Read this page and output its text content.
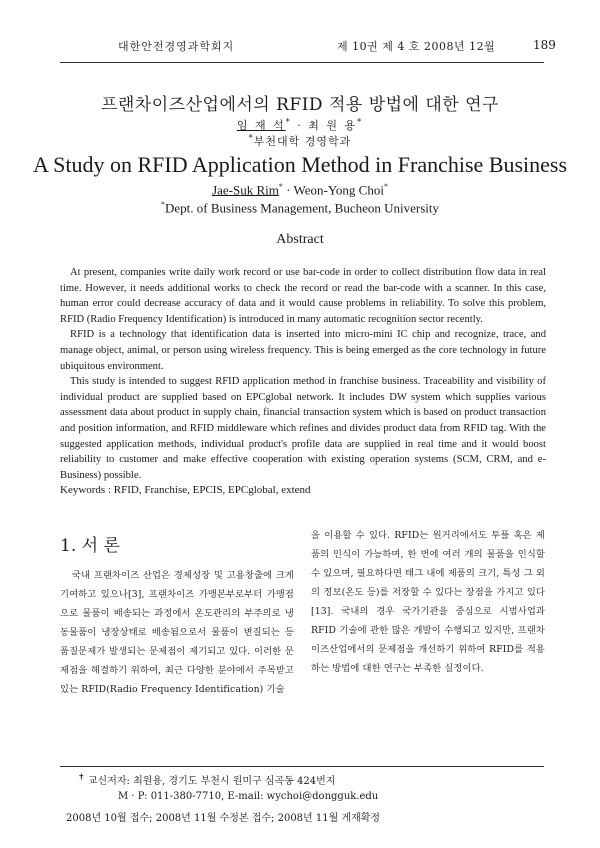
대한안전경영과학회지	제 10권 제 4 호 2008년 12월	189
프랜차이즈산업에서의 RFID 적용 방법에 대한 연구
임 재 석* · 최 원 용*
*부천대학 경영학과
A Study on RFID Application Method in Franchise Business
Jae-Suk Rim* · Weon-Yong Choi*
*Dept. of Business Management, Bucheon University
Abstract

At present, companies write daily work record or use bar-code in order to collect distribution flow data in real time. However, it needs additional works to check the record or read the bar-code with a scanner. In this case, human error could decrease accuracy of data and it would cause problems in reliability. To solve this problem, RFID (Radio Frequency Identification) is introduced in many automatic recognition sector recently.

RFID is a technology that identification data is inserted into micro-mini IC chip and recognize, trace, and manage object, animal, or person using wireless frequency. This is being emerged as the core technology in future ubiquitous environment.

This study is intended to suggest RFID application method in franchise business. Traceability and visibility of individual product are supplied based on EPCglobal network. It includes DW system which supplies various assessment data about product in supply chain, financial transaction system which is based on product transaction and position information, and RFID middleware which refines and divides product data from RFID tag. With the suggested application methods, individual product's profile data are supplied in real time and it would boost reliability to customer and make effective cooperation with existing operation systems (SCM, CRM, and e-Business) possible.

Keywords : RFID, Franchise, EPCIS, EPCglobal, extend
1. 서 론

국내 프랜차이즈 산업은 경제성장 및 고용창출에 크게 기여하고 있으나[3], 프랜차이즈 가맹본부로부터 가맹점으로 물품이 배송되는 과정에서 온도관리의 부주의로 냉동물품이 냉장상태로 배송됨으로서 물품이 변질되는 등 품질문제가 발생되는 문제점이 제기되고 있다. 이러한 문제점을 해결하기 위하여, 최근 다양한 분야에서 주목받고 있는 RFID(Radio Frequency Identification) 기술

을 이용할 수 있다. RFID는 원거리에서도 투플 혹은 제품의 인식이 가능하며, 한 번에 여러 개의 물품을 인식할 수 있으며, 필요하다면 태그 내에 제품의 크기, 특성 그 외의 정보(온도 등)를 저장할 수 있다는 장점을 가지고 있다[13]. 국내의 경우 국가기관을 중심으로 시범사업과 RFID 기술에 관한 많은 개발이 수행되고 있지만, 프랜차이즈산업에서의 문제점을 개선하기 위하여 RFID를 적용하는 방법에 대한 연구는 부족한 실정이다.

✝ 교신저자: 최원용, 경기도 부천시 원미구 심곡동 424번지
M · P: 011-380-7710, E-mail: wychoi@dongguk.edu
2008년 10월 접수; 2008년 11월 수정본 접수; 2008년 11월 게재확정
